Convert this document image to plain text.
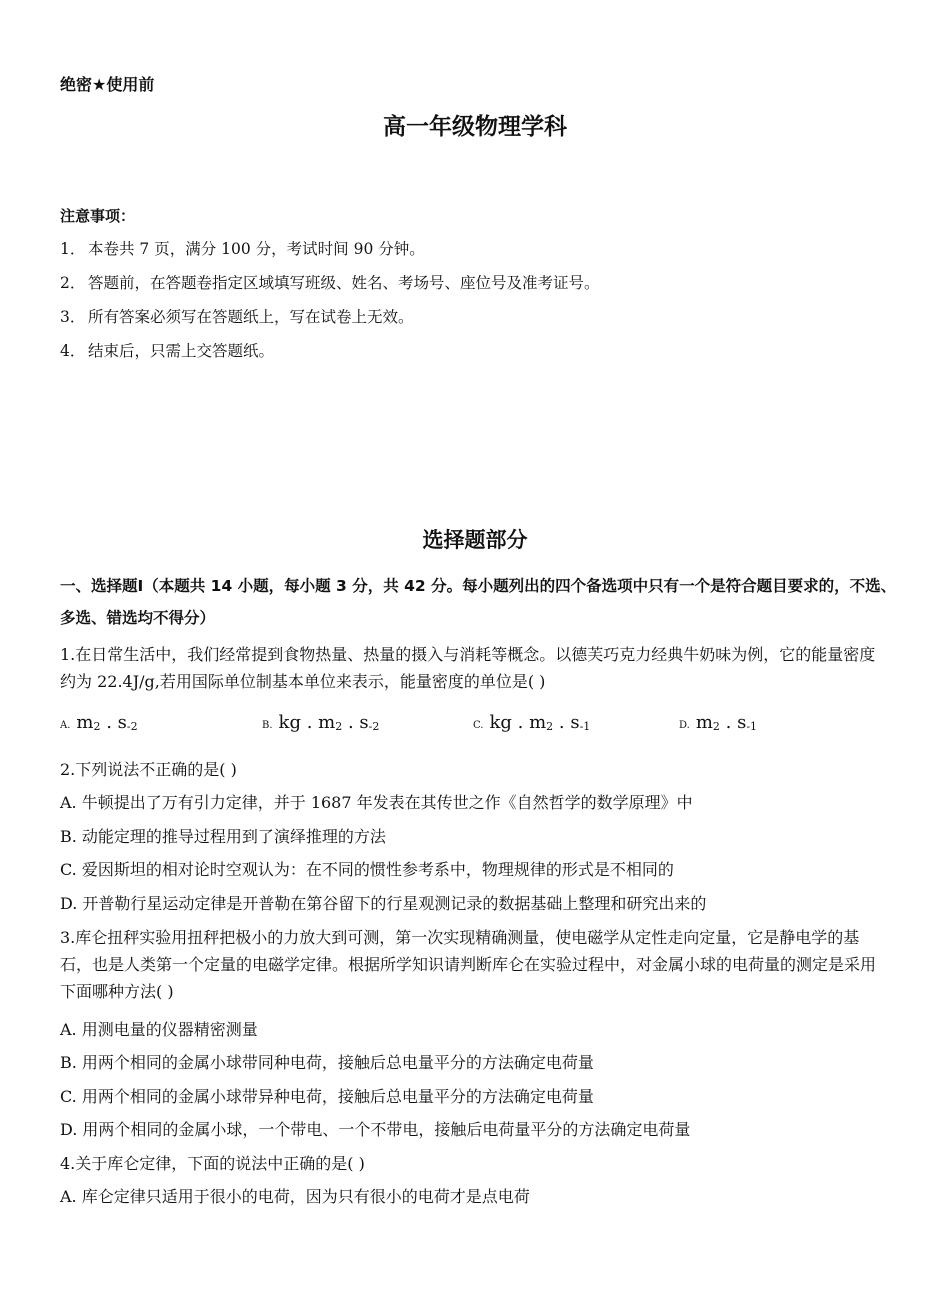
绝密★使用前
高一年级物理学科
注意事项：
1． 本卷共 7 页，满分 100 分，考试时间 90 分钟。
2． 答题前，在答题卷指定区域填写班级、姓名、考场号、座位号及准考证号。
3． 所有答案必须写在答题纸上，写在试卷上无效。
4． 结束后，只需上交答题纸。
选择题部分
一、选择题Ⅰ（本题共 14 小题，每小题 3 分，共 42 分。每小题列出的四个备选项中只有一个是符合题目要求的，不选、多选、错选均不得分）
1.在日常生活中，我们经常提到食物热量、热量的摄入与消耗等概念。以德芙巧克力经典牛奶味为例，它的能量密度约为 22.4J/g,若用国际单位制基本单位来表示，能量密度的单位是( )
A. m2 . s-2	B. kg . m2 . s-2	C. kg . m2 . s-1	D. m2 . s-1
2.下列说法不正确的是( )
A. 牛顿提出了万有引力定律，并于 1687 年发表在其传世之作《自然哲学的数学原理》中
B. 动能定理的推导过程用到了演绎推理的方法
C. 爱因斯坦的相对论时空观认为：在不同的惯性参考系中，物理规律的形式是不相同的
D. 开普勒行星运动定律是开普勒在第谷留下的行星观测记录的数据基础上整理和研究出来的
3.库仑扭秤实验用扭秤把极小的力放大到可测，第一次实现精确测量，使电磁学从定性走向定量，它是静电学的基石，也是人类第一个定量的电磁学定律。根据所学知识请判断库仑在实验过程中，对金属小球的电荷量的测定是采用下面哪种方法( )
A. 用测电量的仪器精密测量
B. 用两个相同的金属小球带同种电荷，接触后总电量平分的方法确定电荷量
C. 用两个相同的金属小球带异种电荷，接触后总电量平分的方法确定电荷量
D. 用两个相同的金属小球，一个带电、一个不带电，接触后电荷量平分的方法确定电荷量
4.关于库仑定律，下面的说法中正确的是( )
A. 库仑定律只适用于很小的电荷，因为只有很小的电荷才是点电荷
